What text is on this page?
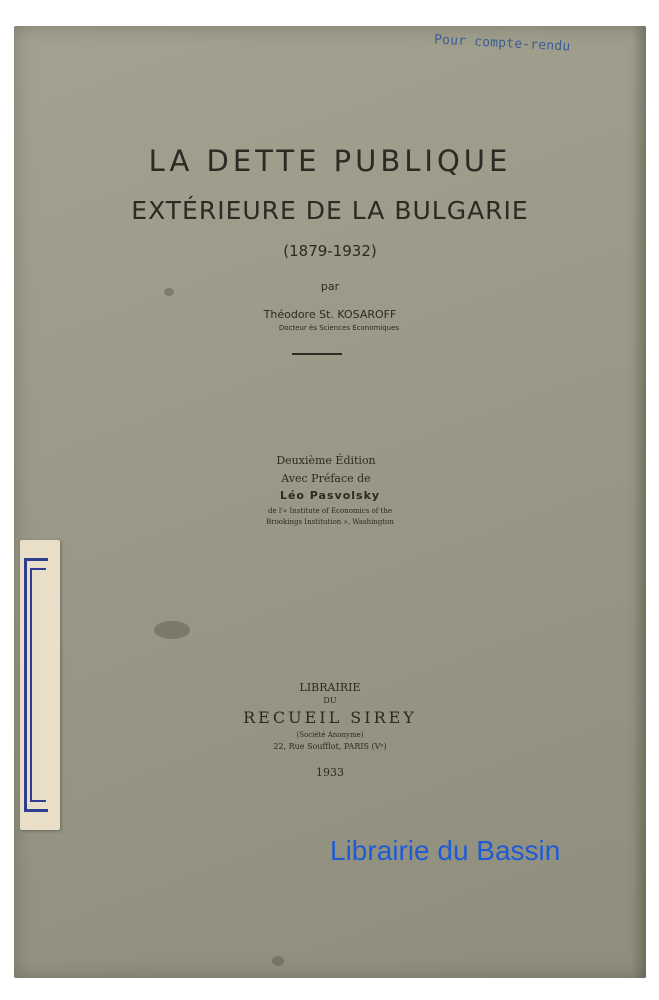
Pour compte-rendu
LA DETTE PUBLIQUE
EXTÉRIEURE DE LA BULGARIE
(1879-1932)
par
Théodore St. KOSAROFF
Docteur ès Sciences Économiques
Deuxième Édition
Avec Préface de
Léo Pasvolsky
de l'« Institute of Economics of the
Brookings Institution », Washington
LIBRAIRIE
DU
RECUEIL SIREY
(Société Anonyme)
22, Rue Soufflot, PARIS (Vᵉ)
1933
Librairie du Bassin
